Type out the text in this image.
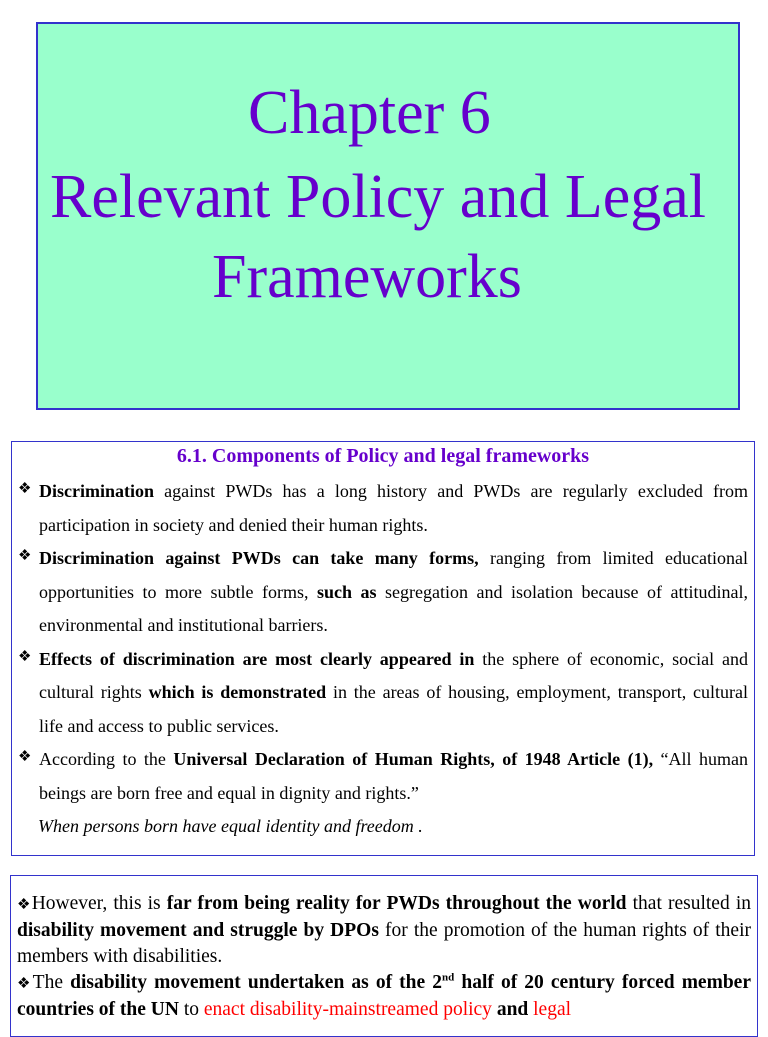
Chapter 6
Relevant Policy and Legal
Frameworks
6.1. Components of Policy and legal frameworks

❖ Discrimination against PWDs has a long history and PWDs are regularly excluded from participation in society and denied their human rights.

❖ Discrimination against PWDs can take many forms, ranging from limited educational opportunities to more subtle forms, such as segregation and isolation because of attitudinal, environmental and institutional barriers.

❖ Effects of discrimination are most clearly appeared in the sphere of economic, social and cultural rights which is demonstrated in the areas of housing, employment, transport, cultural life and access to public services.

❖ According to the Universal Declaration of Human Rights, of 1948 Article (1), “All human beings are born free and equal in dignity and rights.”

When persons born have equal identity and freedom .

❖However, this is far from being reality for PWDs throughout the world that resulted in disability movement and struggle by DPOs for the promotion of the human rights of their members with disabilities.

❖The disability movement undertaken as of the 2nd half of 20 century forced member countries of the UN to enact disability-mainstreamed policy and legal
